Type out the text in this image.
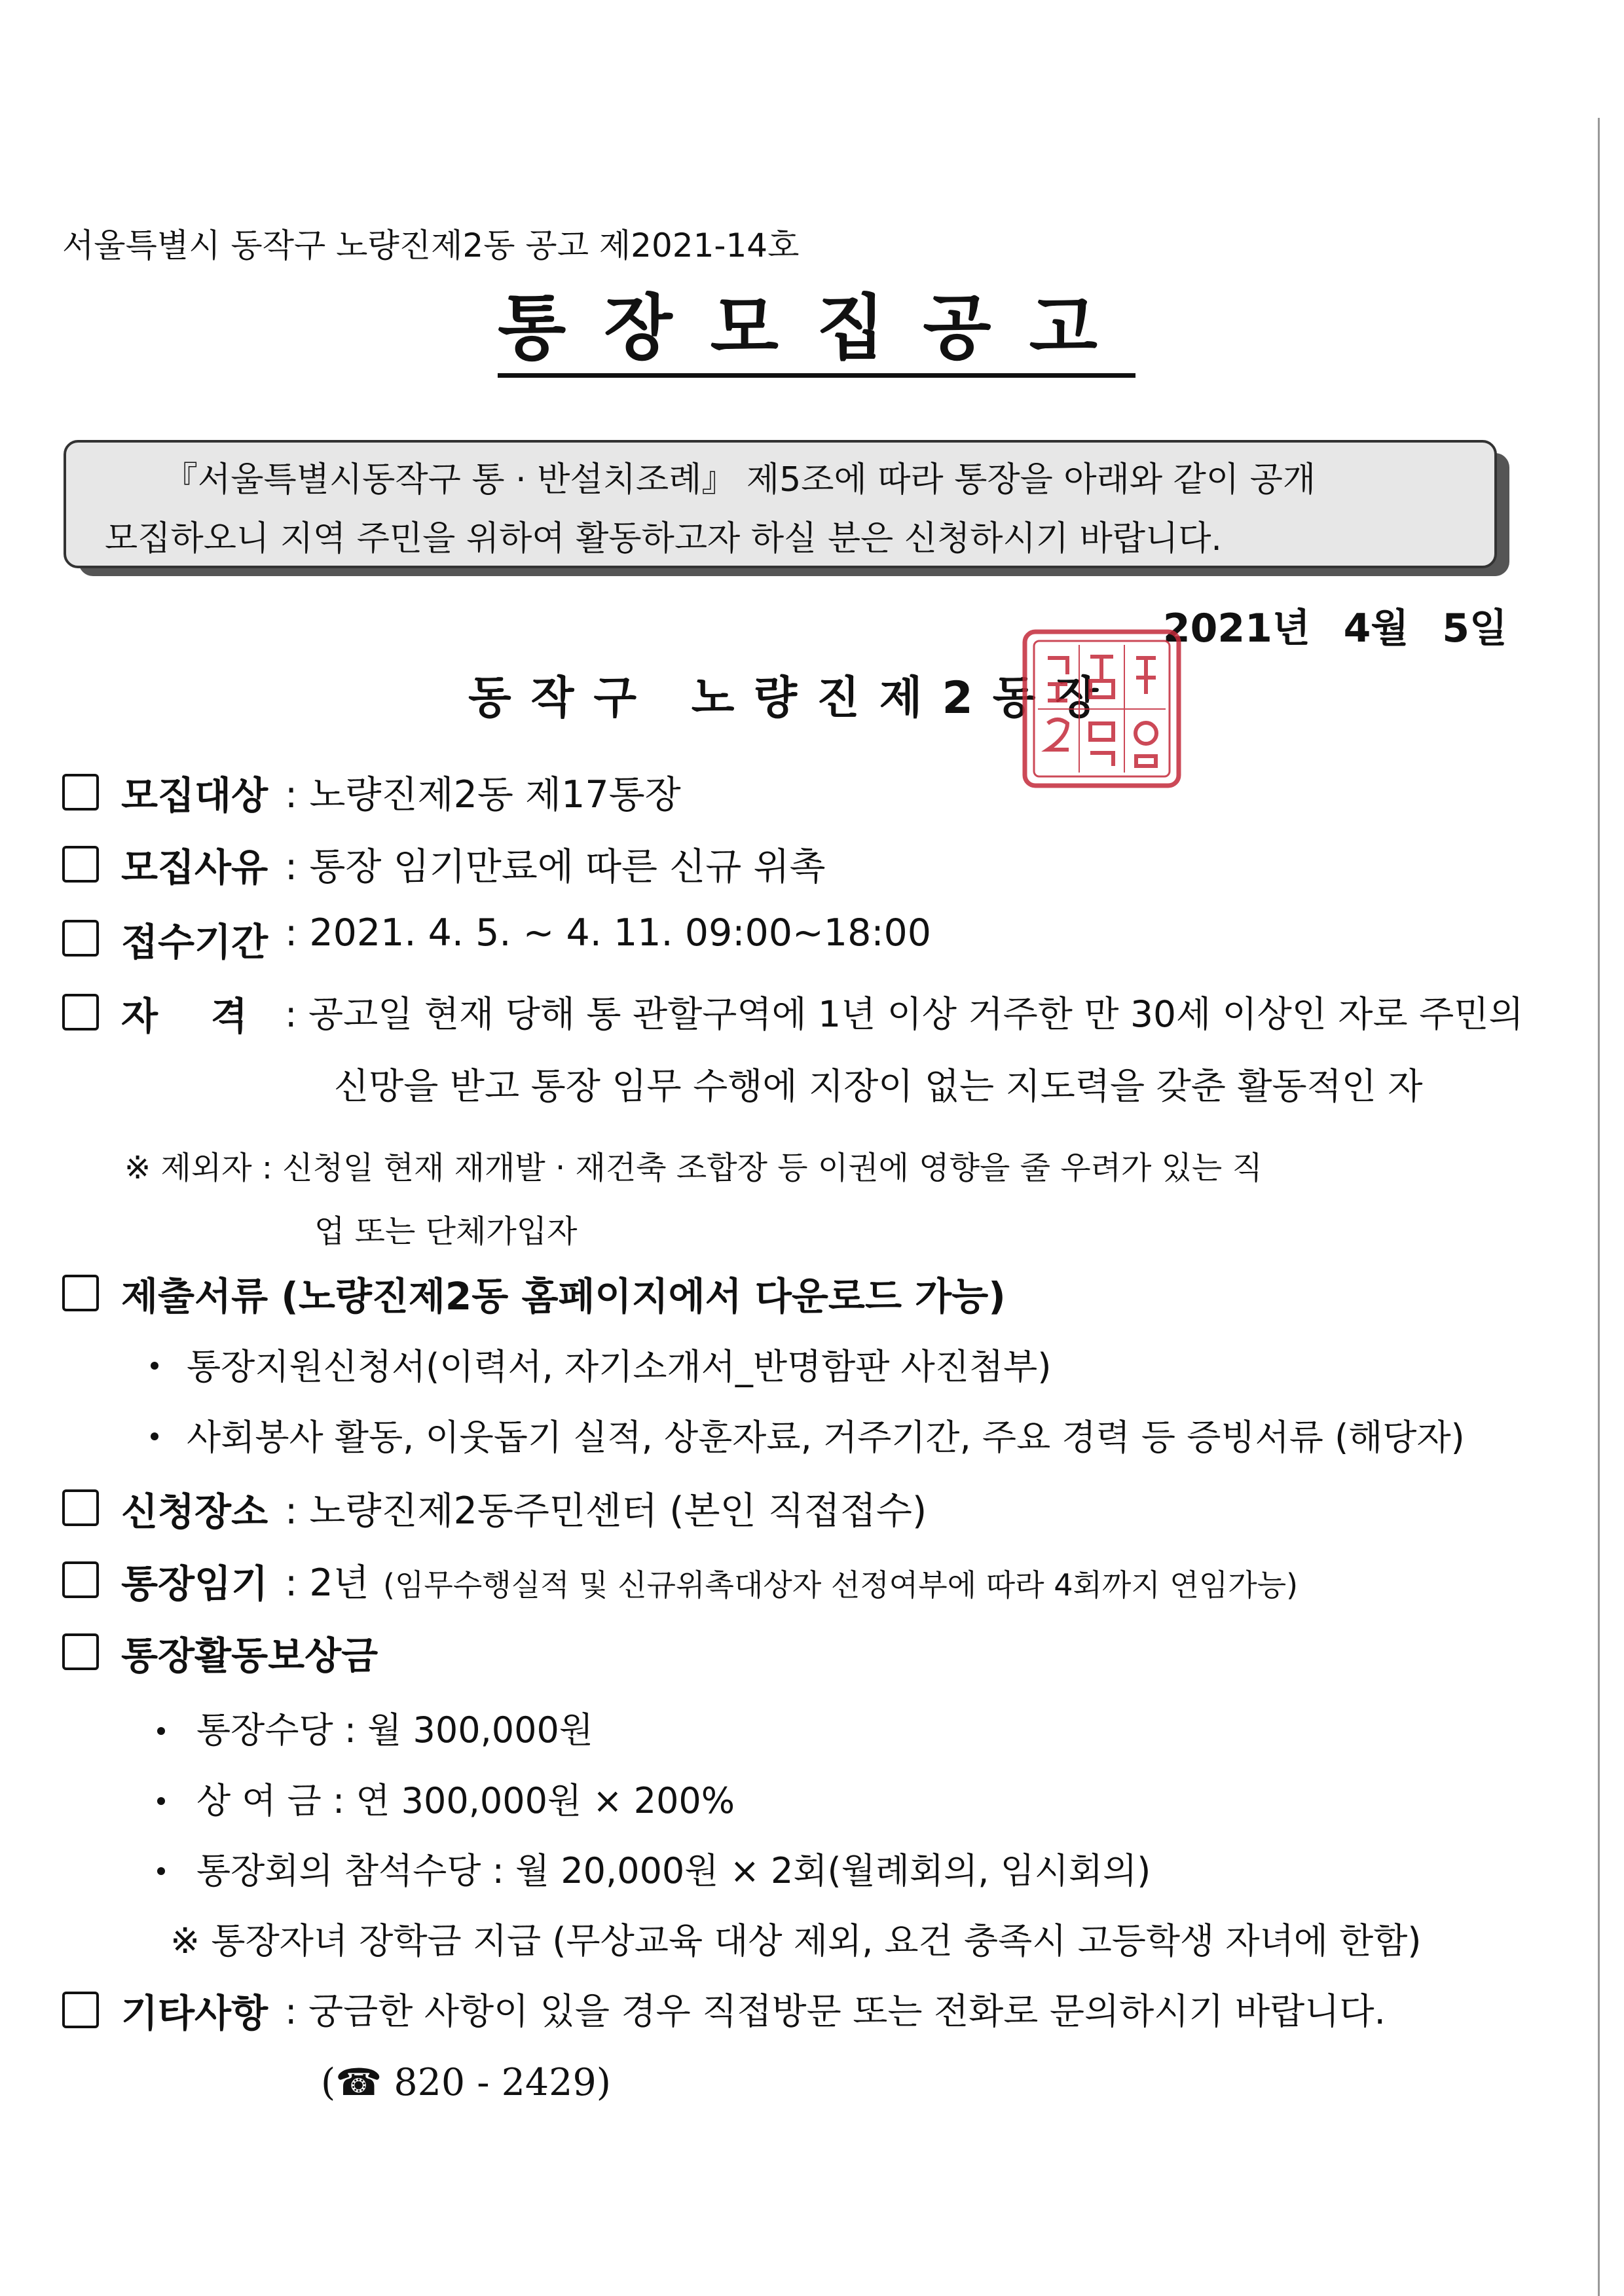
서울특별시 동작구 노량진제2동 공고 제2021-14호
통장모집공고
『서울특별시동작구 통 · 반설치조례』 제5조에 따라 통장을 아래와 같이 공개
모집하오니 지역 주민을 위하여 활동하고자 하실 분은 신청하시기 바랍니다.
2021년 4월 5일
동작구 노량진제2동장
모집대상 : 노량진제2동 제17통장
모집사유 : 통장 임기만료에 따른 신규 위촉
접수기간 : 2021. 4. 5. ~ 4. 11. 09:00~18:00
자    격 : 공고일 현재 당해 통 관할구역에 1년 이상 거주한 만 30세 이상인 자로 주민의
신망을 받고 통장 임무 수행에 지장이 없는 지도력을 갖춘 활동적인 자
※ 제외자 : 신청일 현재 재개발 · 재건축 조합장 등 이권에 영향을 줄 우려가 있는 직
업 또는 단체가입자
제출서류 (노량진제2동 홈페이지에서 다운로드 가능)
통장지원신청서(이력서, 자기소개서_반명함판 사진첨부)
사회봉사 활동, 이웃돕기 실적, 상훈자료, 거주기간, 주요 경력 등 증빙서류 (해당자)
신청장소 : 노량진제2동주민센터 (본인 직접접수)
통장임기 : 2년 (임무수행실적 및 신규위촉대상자 선정여부에 따라 4회까지 연임가능)
통장활동보상금
통장수당 : 월 300,000원
상 여 금 : 연 300,000원 × 200%
통장회의 참석수당 : 월 20,000원 × 2회(월례회의, 임시회의)
※ 통장자녀 장학금 지급 (무상교육 대상 제외, 요건 충족시 고등학생 자녀에 한함)
기타사항 : 궁금한 사항이 있을 경우 직접방문 또는 전화로 문의하시기 바랍니다.
(☎ 820 - 2429)
